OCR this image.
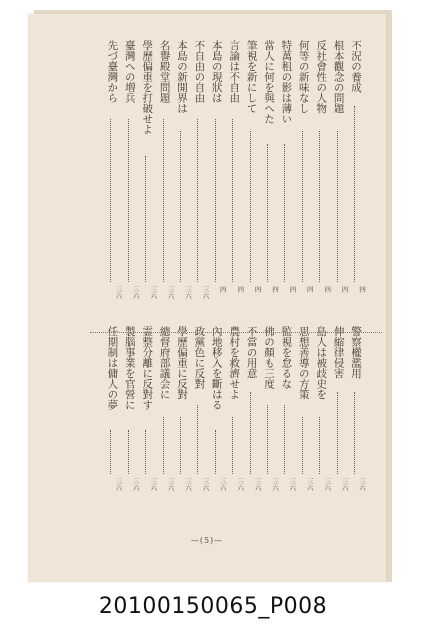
不況の養成
四
根本觀念の問題
四
反社會性の人物
四
何等の新味なし
四
特萬租の影は薄い
四
當人に何を與へた
四
筆視を新にして
四
言論は不自由
四
本島の現狀は
四
不自由の自由
三六
本島の新開界は
三六
名譽殿堂問題
三六
學歷偏重を打破せよ
三六
臺灣への増兵
三六
先づ臺灣から
三六
警察權濫用
三六
伸縮律侵害
三六
島人は被歧史を
三六
思想善導の方策
三六
監視を怠るな
三六
佛の顏も三度
三六
不當の用意
三六
農村を救濟せよ
三六
內地移入を斷はる
三六
政黨色に反對
三六
學歷偏重に反對
三六
總督府部議会に
三六
霊整分離に反對す
三六
製腦事業を官營に
三六
任期制は傭人の夢
三六
—(5)—
20100150065_P008
